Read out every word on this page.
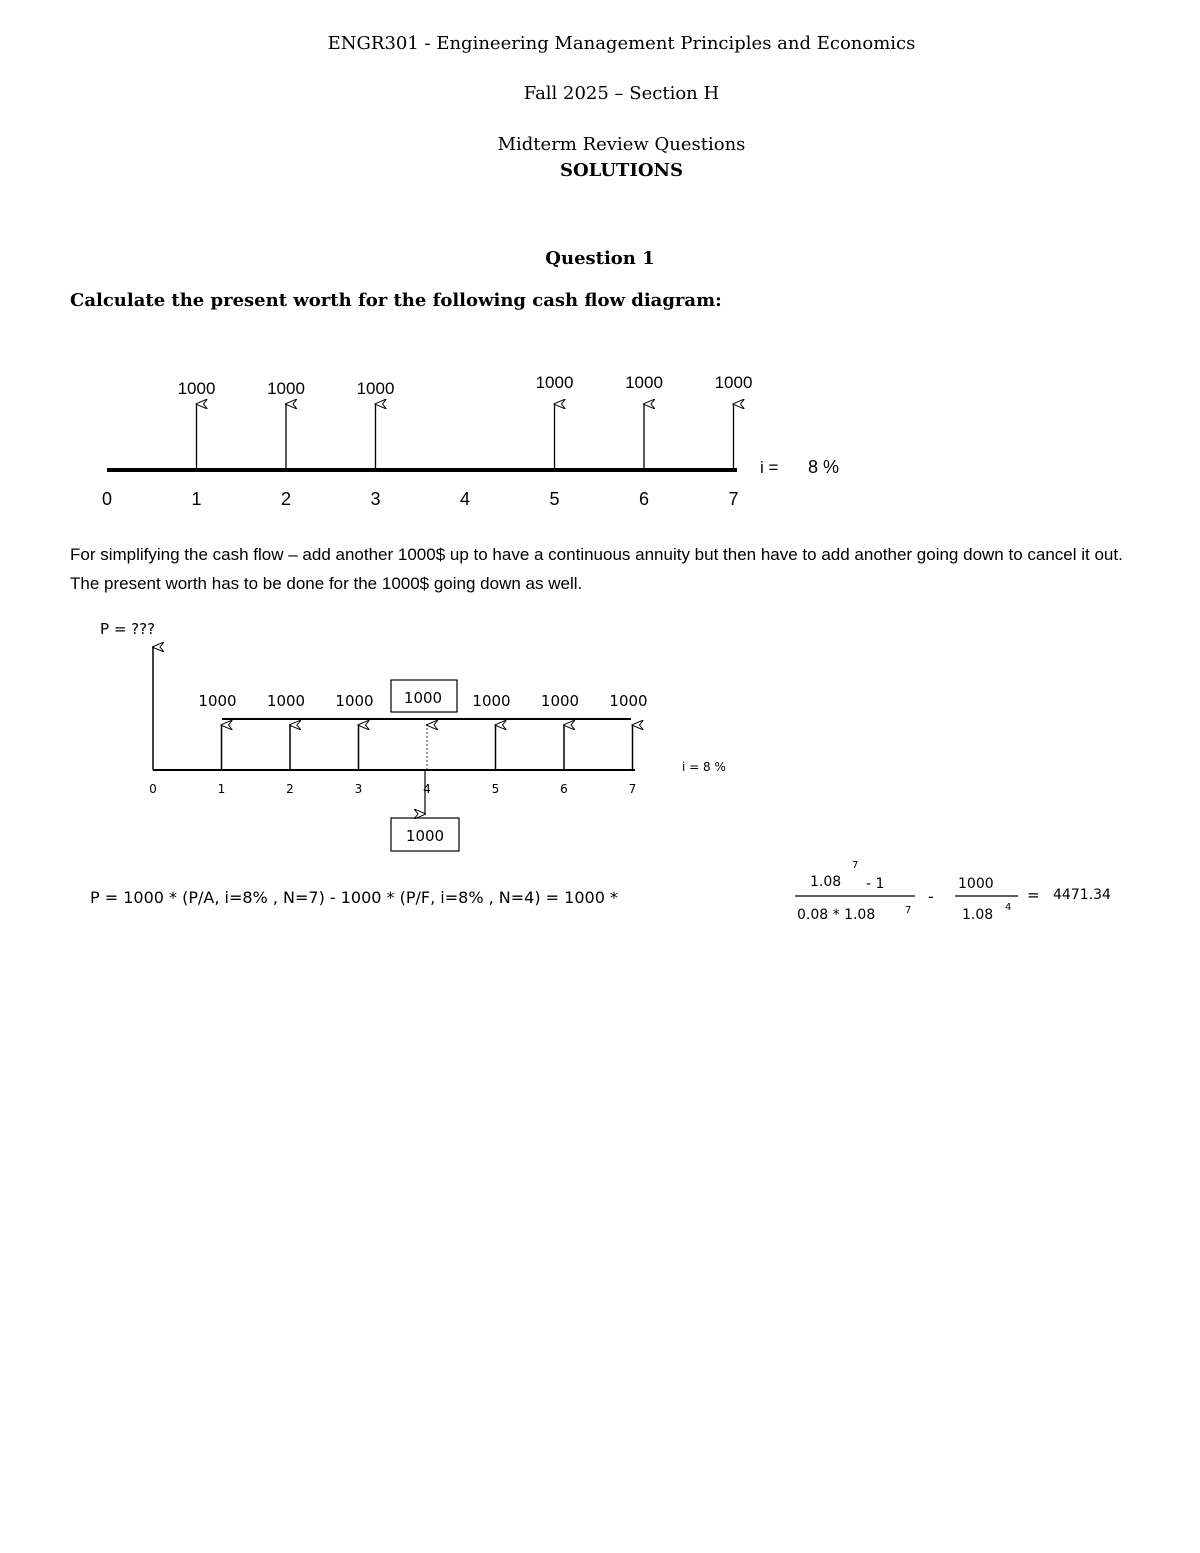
ENGR301 - Engineering Management Principles and Economics
Fall 2025 – Section H
Midterm Review Questions
SOLUTIONS
Question 1
Calculate the present worth for the following cash flow diagram:
1000	1000	1000	1000	1000	1000
0	1	2	3	4	5	6	7
i = 8 %
For simplifying the cash flow – add another 1000$ up to have a continuous annuity but then have to add another going down to cancel it out. The present worth has to be done for the 1000$ going down as well.
P = ???
1000 1000 1000 1000 1000 1000 1000
1000
0	1	2	3	4	5	6	7
i = 8 %
P = 1000 * (P/A, i=8% , N=7) - 1000 * (P/F, i=8% , N=4) = 1000 *
1.08
7
- 1
0.08 * 1.08	7
-
1000
1.08 4
= 4471.34
